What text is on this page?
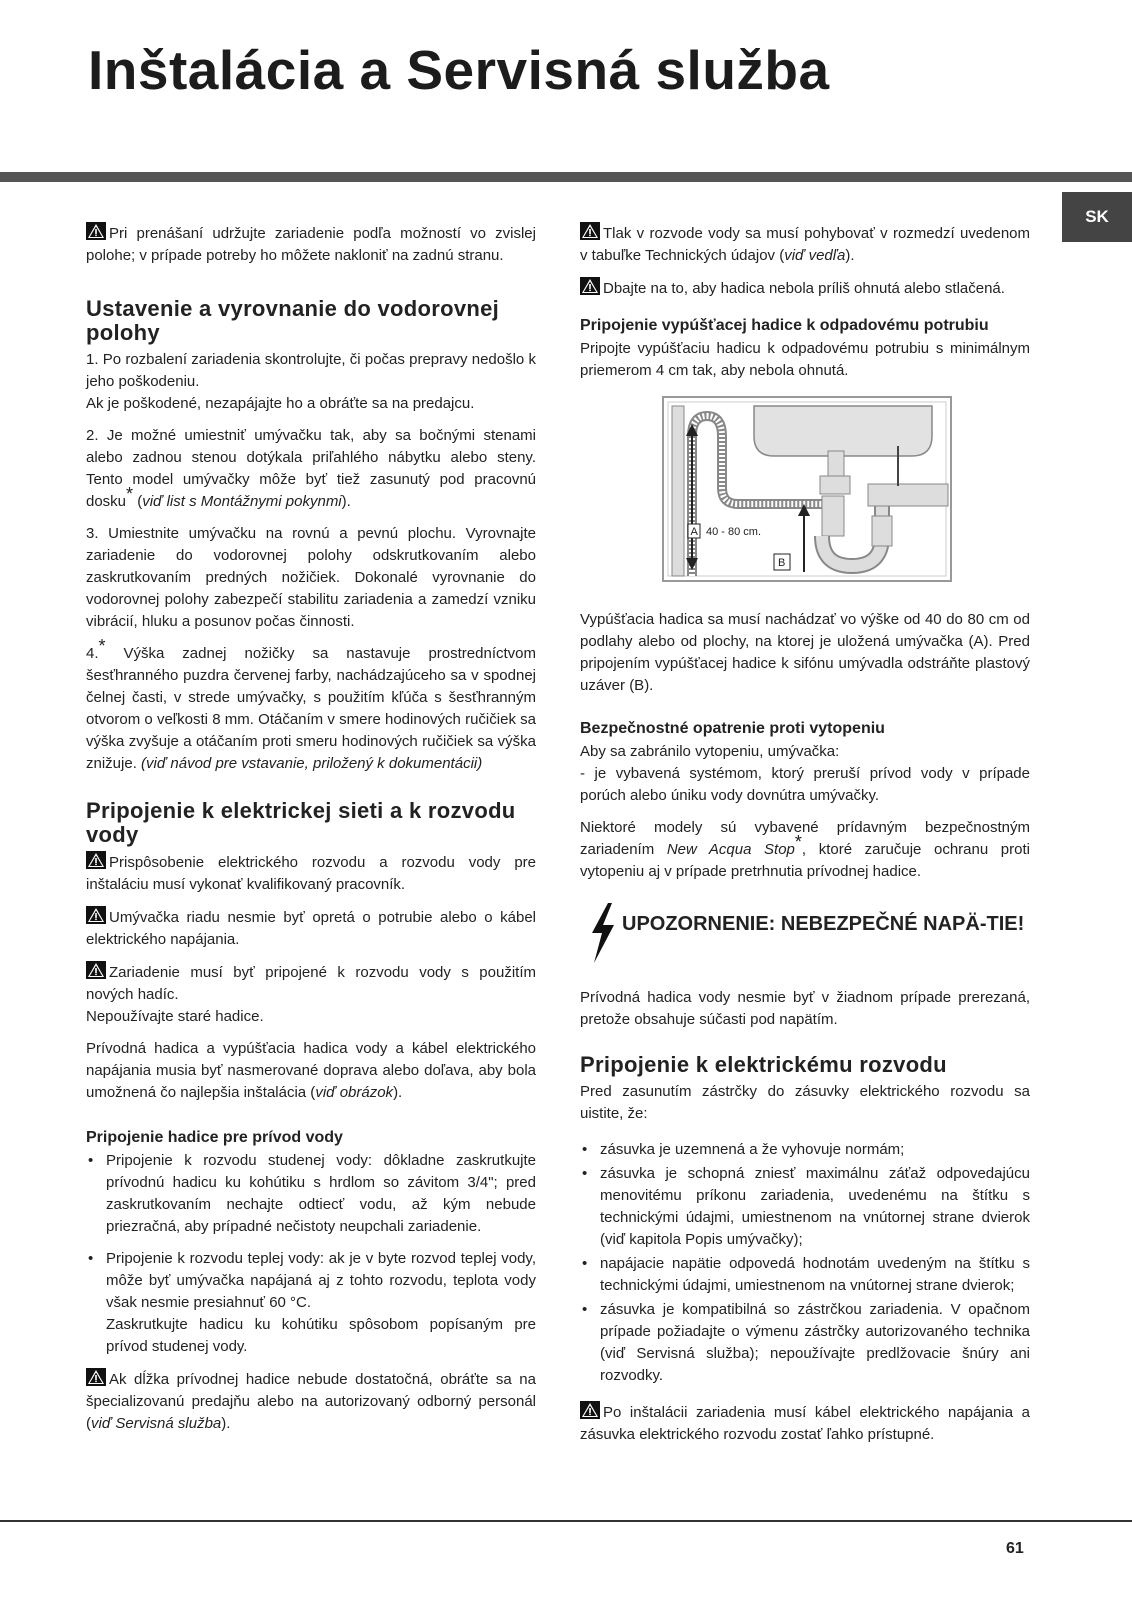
Inštalácia a Servisná služba
SK

Pri prenášaní udržujte zariadenie podľa možností vo zvislej polohe; v prípade potreby ho môžete nakloniť na zadnú stranu.

Ustavenie a vyrovnanie do vodorovnej polohy

1. Po rozbalení zariadenia skontrolujte, či počas prepravy nedošlo k jeho poškodeniu.

Ak je poškodené, nezapájajte ho a obráťte sa na predajcu.

2. Je možné umiestniť umývačku tak, aby sa bočnými stenami alebo zadnou stenou dotýkala priľahlého nábytku alebo steny. Tento model umývačky môže byť tiež zasunutý pod pracovnú dosku* (viď list s Montážnymi pokynmi).

3. Umiestnite umývačku na rovnú a pevnú plochu. Vyrovnajte zariadenie do vodorovnej polohy odskrutkovaním alebo zaskrutkovaním predných nožičiek. Dokonalé vyrovnanie do vodorovnej polohy zabezpečí stabilitu zariadenia a zamedzí vzniku vibrácií, hluku a posunov počas činnosti.

4.* Výška zadnej nožičky sa nastavuje prostredníctvom šesťhranného puzdra červenej farby, nachádzajúceho sa v spodnej čelnej časti, v strede umývačky, s použitím kľúča s šesťhranným otvorom o veľkosti 8 mm. Otáčaním v smere hodinových ručičiek sa výška zvyšuje a otáčaním proti smeru hodinových ručičiek sa výška znižuje. (viď návod pre vstavanie, priložený k dokumentácii)

Pripojenie k elektrickej sieti a k rozvodu vody

Prispôsobenie elektrického rozvodu a rozvodu vody pre inštaláciu musí vykonať kvalifikovaný pracovník.

Umývačka riadu nesmie byť opretá o potrubie alebo o kábel elektrického napájania.

Zariadenie musí byť pripojené k rozvodu vody s použitím nových hadíc.

Nepoužívajte staré hadice.

Prívodná hadica a vypúšťacia hadica vody a kábel elektrického napájania musia byť nasmerované doprava alebo doľava, aby bola umožnená čo najlepšia inštalácia (viď obrázok).

Pripojenie hadice pre prívod vody
• Pripojenie k rozvodu studenej vody: dôkladne zaskrutkujte prívodnú hadicu ku kohútiku s hrdlom so závitom 3/4"; pred zaskrutkovaním nechajte odtiecť vodu, až kým nebude priezračná, aby prípadné nečistoty neupchali zariadenie.
• Pripojenie k rozvodu teplej vody: ak je v byte rozvod teplej vody, môže byť umývačka napájaná aj z tohto rozvodu, teplota vody však nesmie presiahnuť 60 °C.
Zaskrutkujte hadicu ku kohútiku spôsobom popísaným pre prívod studenej vody.

Ak dĺžka prívodnej hadice nebude dostatočná, obráťte sa na špecializovanú predajňu alebo na autorizovaný odborný personál (viď Servisná služba).

Tlak v rozvode vody sa musí pohybovať v rozmedzí uvedenom v tabuľke Technických údajov (viď vedľa).

Dbajte na to, aby hadica nebola príliš ohnutá alebo stlačená.

Pripojenie vypúšťacej hadice k odpadovému potrubiu

Pripojte vypúšťaciu hadicu k odpadovému potrubiu s minimálnym priemerom 4 cm tak, aby nebola ohnutá.

A 40 - 80 cm.
B

Vypúšťacia hadica sa musí nachádzať vo výške od 40 do 80 cm od podlahy alebo od plochy, na ktorej je uložená umývačka (A). Pred pripojením vypúšťacej hadice k sifónu umývadla odstráňte plastový uzáver (B).

Bezpečnostné opatrenie proti vytopeniu

Aby sa zabránilo vytopeniu, umývačka:

- je vybavená systémom, ktorý preruší prívod vody v prípade porúch alebo úniku vody dovnútra umývačky.

Niektoré modely sú vybavené prídavným bezpečnostným zariadením New Acqua Stop*, ktoré zaručuje ochranu proti vytopeniu aj v prípade pretrhnutia prívodnej hadice.

UPOZORNENIE: NEBEZPEČNÉ NAPÄ-TIE!

Prívodná hadica vody nesmie byť v žiadnom prípade prerezaná, pretože obsahuje súčasti pod napätím.

Pripojenie k elektrickému rozvodu

Pred zasunutím zástrčky do zásuvky elektrického rozvodu sa uistite, že:

• zásuvka je uzemnená a že vyhovuje normám;
• zásuvka je schopná zniesť maximálnu záťaž odpovedajúcu menovitému príkonu zariadenia, uvedenému na štítku s technickými údajmi, umiestnenom na vnútornej strane dvierok (viď kapitola Popis umývačky);
• napájacie napätie odpovedá hodnotám uvedeným na štítku s technickými údajmi, umiestnenom na vnútornej strane dvierok;
• zásuvka je kompatibilná so zástrčkou zariadenia. V opačnom prípade požiadajte o výmenu zástrčky autorizovaného technika (viď Servisná služba); nepoužívajte predlžovacie šnúry ani rozvodky.

Po inštalácii zariadenia musí kábel elektrického napájania a zásuvka elektrického rozvodu zostať ľahko prístupné.

61
